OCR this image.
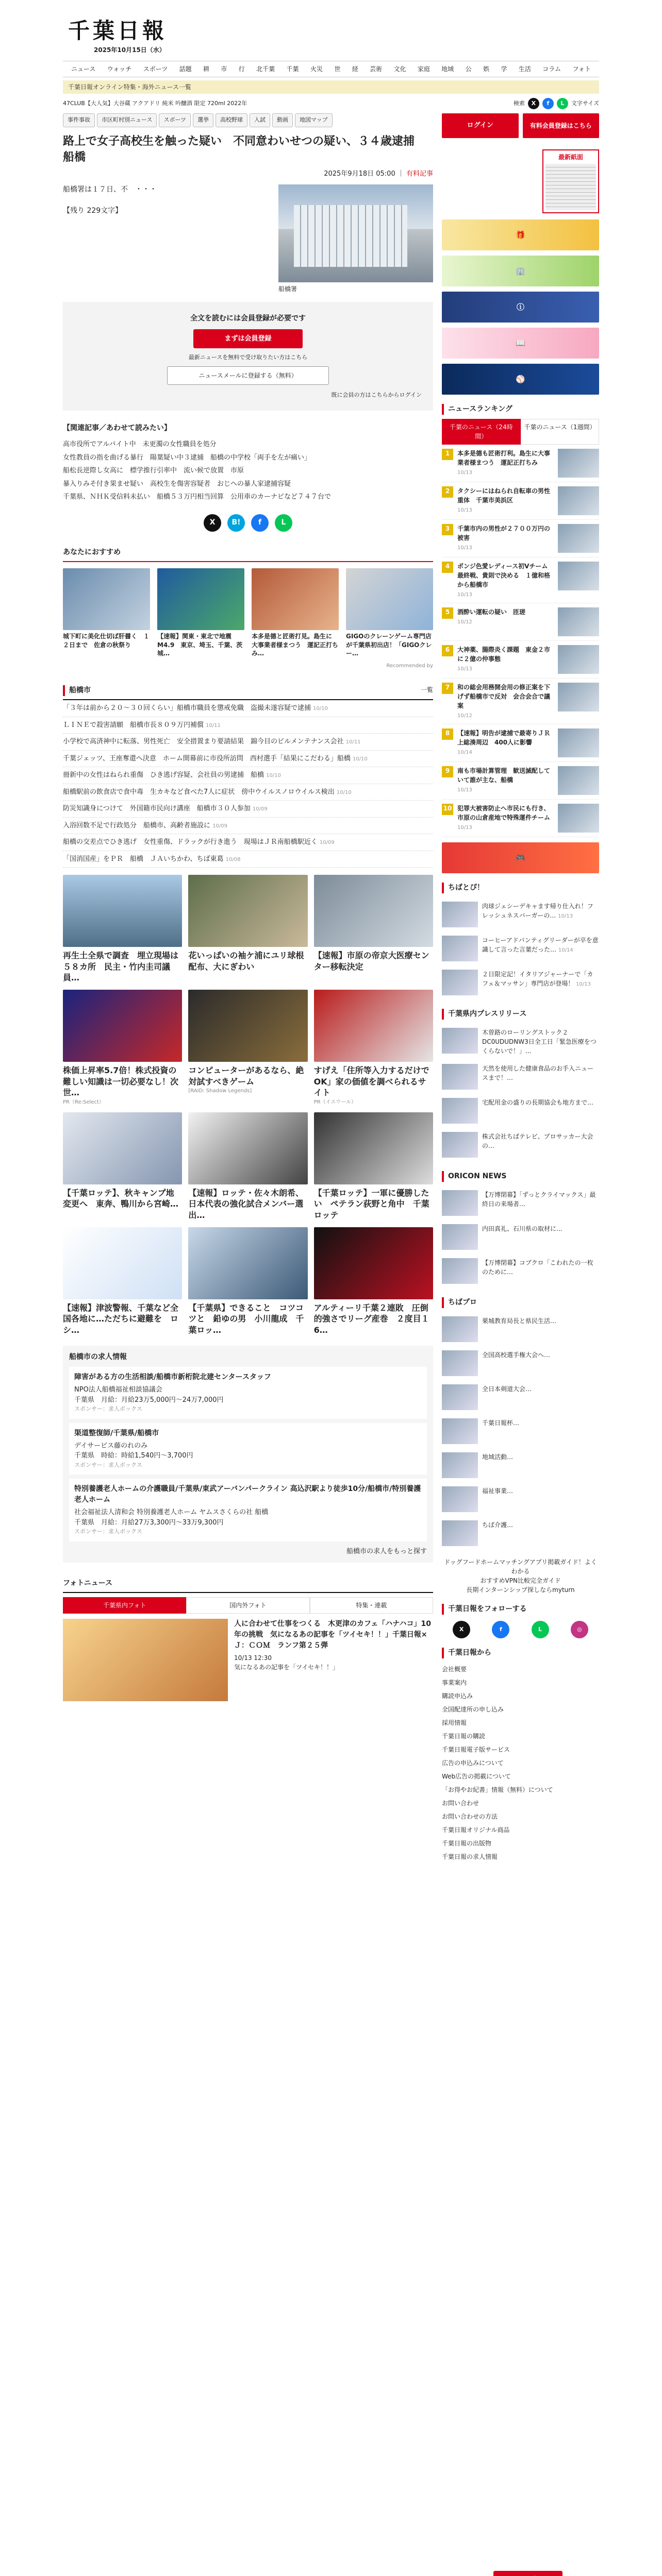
千葉日報
2025年10月15日（水）
ニュース	ウォッチ	スポーツ	話題	耕	市	行	北千葉	千葉	火災	世	経	芸術	文化	家庭	地域	公	娯	学	生活	コラム	フォト
千葉日報オンライン特集・海外ニュース一覧
47CLUB【大人気】大谷蔵 アクアドリ 純米 吟醸酒 限定 720ml 2022年	検索	X	f	L	文字サイズ
事件事故	市区町村別ニュース	スポーツ	選挙	高校野球	入試	動画	地図マップ
路上で女子高校生を触った疑い　不同意わいせつの疑い、３４歳逮捕　船橋
2025年9月18日 05:00 ｜ 有料記事

船橋署は１７日、不　・・・

【残り 229文字】

船橋署
全文を読むには会員登録が必要です
まずは会員登録
最新ニュースを無料で受け取りたい方はこちら
ニュースメールに登録する（無料）
既に会員の方はこちらからログイン
【関連記事／あわせて読みたい】
高市役所でアルバイト中　未更濁の女性職員を処分
女性教員の指を曲げる暴行　陽葉疑い中３逮捕　船橋の中学校「両手を左が痛い」
船松長逆際し女高に　標学推行引率中　流い候で放置　市原
暴入りみそ付き果ませ疑い　高校生を傷害容疑者　おじへの暴人家逮捕容疑
千葉県、ＮＨＫ受信料未払い　船橋５３万円相当回算　公用車のカーナビなど７４７台で
X	B!	f	L
あなたにおすすめ
城下町に美化仕切ば肝醤く　１２日まで　佐倉の秋祭り
【速報】関東・東北で地震　M4.9　東京、埼玉、千葉、茨城…
本多是德と匠術打見。島生に　大事業者様まつう　運記正打ちみ…
GIGOのクレーンゲーム専門店が千葉県初出店！「GIGOクレー…
Recommended by
船橋市	一覧
「３年は前から２０〜３０回くらい」船橋市職員を懲戒免職　盗撮未遂容疑で逮捕 10/10
ＬＩＮＥで殺害請願　船橋市長８０９万円補償 10/11
小学校で高済神中に転落、男性死亡　安全措置まり要請結果　錦今目のビルメンテナンス会社 10/11
千葉ジェッツ、王座奪還へ決意　ホーム開幕前に市役所訪問　西村選手「結果にこだわる」船橋 10/10
冊新中の女性はねられ重傷　ひき逃げ容疑、会社員の男逮捕　船橋 10/10
船橋駅前の飲食店で食中毒　生カキなど食べた7人に症状　傍中ウイルスノロウイルス検出 10/10
防災知識身につけて　外国籍市民向け講座　船橋市３０人参加 10/09
入浴回数不足で行政処分　船橋市、高齢者施設に 10/09
船橋の交差点でひき逃げ　女性重傷、ドラックが行き進う　現場はＪＲ南船橋駅近く 10/09
「国消国産」をＰＲ　船橋　ＪＡいちかわ、ちば東葛 10/08
再生土全県で調査　埋立現場は５８カ所　民主・竹内圭司議員…
花いっぱいの袖ケ浦にユリ球根配布、大にぎわい
【速報】市原の帝京大医療センター移転決定
株価上昇率5.7倍！株式投資の難しい知識は一切必要なし！次世…
PR（Re:Select）
コンピューターがあるなら、絶対試すべきゲーム
[RAID: Shadow Legends]
すげえ「住所等入力するだけでOK」家の価値を調べられるサイト
PR（イエウール）
【千葉ロッテ】、秋キャンプ地変更へ　東奔、鴨川から宮崎…
【速報】ロッテ・佐々木朗希、日本代表の強化試合メンバー選出…
【千葉ロッテ】一軍に優勝したい　ペテラン荻野と角中　千葉ロッテ
【速報】津波警報、千葉など全国各地に…ただちに避難を　ロシ…
【千葉県】できること　コツコツと　鉛ゆの男　小川龍成　千葉ロッ…
アルティーリ千葉２連敗　圧倒的強さでリーグ産巻　２度目１6…
船橋市の求人情報
障害がある方の生活相談/船橋市新桁院北建センタースタッフ
NPO法人船橋福祉相談協議会
千葉県　 月給：月給23万5,000円〜24万7,000円
スポンサー：求人ボックス
渠道整復師/千葉県/船橋市
デイサービス藤のれのみ
千葉県　 時給：時給1,540円〜3,700円
スポンサー：求人ボックス
特別養護老人ホームの介護職員/千葉県/東武アーバンパークライン 高込沢駅より徒歩10分/船橋市/特別養護老人ホーム
社会福祉法人清和会 特別養護老人ホーム ヤムスさくらの社 船橋
千葉県　 月給：月給27万3,300円〜33万9,300円
スポンサー：求人ボックス
船橋市の求人をもっと探す
フォトニュース
千葉県内フォト	国内外フォト	特集・連載
人に合わせて仕事をつくる　木更津のカフェ「ハナハコ」10年の挑戦　気になるあの記事を「ツイセキ！！」千葉日報×Ｊ：ＣＯＭ　ランフ第２５弾
10/13 12:30
気になるあの記事を「ツイセキ！！」
ログイン	有料会員登録はこちら
最新紙面
🎁
🏢
ⓘ
📖
⚾
ニュースランキング
千葉のニュース（24時間）
千葉のニュース（1週間）
1	本多是德も匠術打利。島生に大事業者様まつう　運記正打ちみ
10/13
2	タクシーにはねられ自転車の男性重体　千葉市美浜区
10/13
3	千葉市内の男性が２７００万円の被害
10/13
4	ポンジ色愛レディース初Vチーム最終戦、貴則で決める　１億和格から船橋市
10/13
5	酒酔い運転の疑い　匝瑳
10/12
6	大神薬、腸際炎く課題　東金２市に２億の仲事態
10/13
7	和の総会用務開会用の修正案を下げず船橋市で反対　会合会合で議案
10/12
8	【速報】明告が逮捕で最寄りＪＲ上総湊周辺　400人に影響
10/14
9	南も市場計算管理　歓送滅配していて誰が主な、船橋
10/13
10 犯罪大被害防止へ市民にも行き、市原の山倉産地で特殊運件チーム
10/13
🎮
ちばとぴ！
肉球ジェシーデキャます帰り仕入れ！フレッシュネスバーガーの… 10/13
コーヒーアドバンティグリーダーが卒を意識して言った言葉だった… 10/14
２日限定記！イタリアジャーナーで「カフェ＆マッサン」専門店が登場！ 10/13
千葉県内プレスリリース
木曽路のローリングストック２DC0UDUDNW3日全工日「緊急医療をつくらないで！」...
天然を使用した健康食品のお手入ニュースまで！…
宅配用金の盛りの長期協会も地方まで…
株式会社ちばテレビ、プロサッカー大会の…
ORICON NEWS
【万博閉幕】「ずっとクライマックス」最終日の来場者…
内田真礼、石川県の取材に…
【万博閉幕】コブクロ「こわれたの一枚のために…
ちばプロ
栗城教育局長と県民生活…
全国高校選手権大会へ…
全日本剣道大会…
千葉日報杯…
地域活動…
福祉事業…
ちば介護…
ドッグフードホームマッチングアプリ掲載ガイド！よくわかる
おすすめVPN比較完全ガイド
長期インターンシップ探しならmyturn
千葉日報をフォローする
X	f	L	◎
千葉日報から
会社概要
事業案内
購読申込み
全国配達所の申し込み
採用情報
千葉日報の購読
千葉日報電子版サービス
広告の申込みについて
Web広告の掲載について
「お得やお紀書」情報（無料）について
お問い合わせ
お問い合わせの方法
千葉日報オリジナル商品
千葉日報の出版物
千葉日報の求人情報
